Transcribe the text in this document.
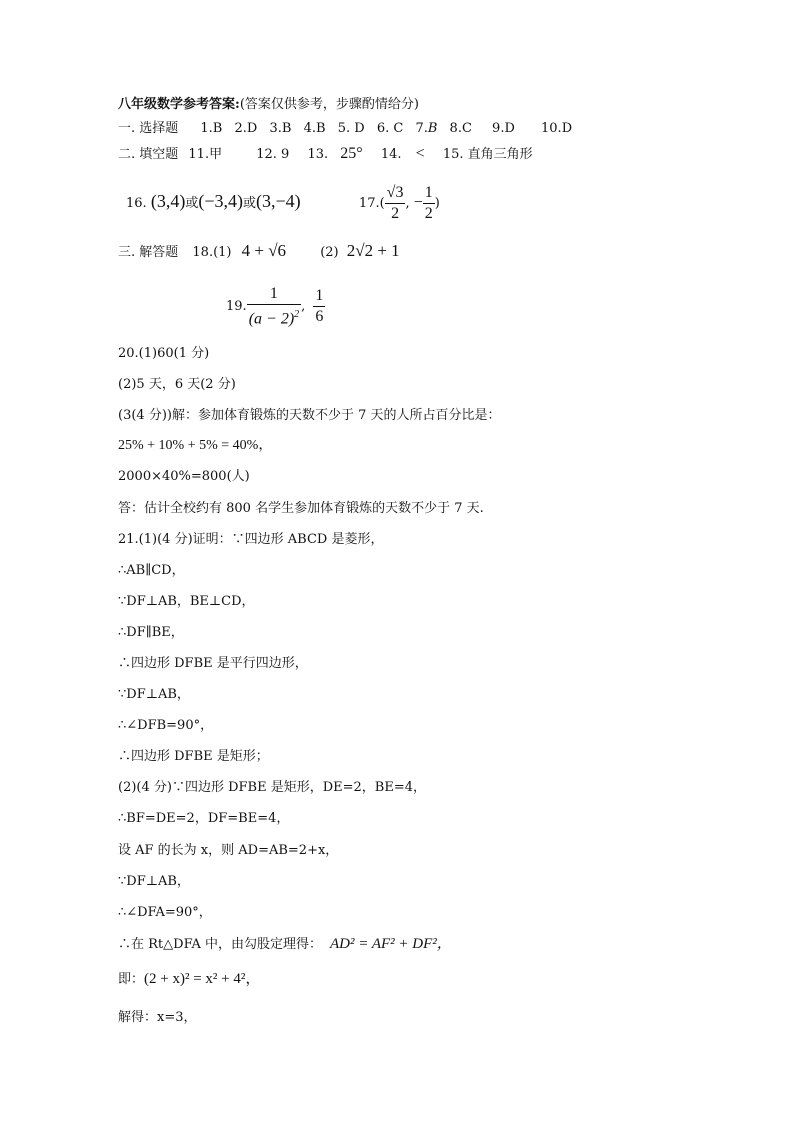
八年级数学参考答案:(答案仅供参考，步骤酌情给分)
一. 选择题 1.B 2.D 3.B 4.B 5. D 6. C 7.B 8.C 9.D 10.D
二. 填空题 11.甲	12. 9 13. 25° 14. < 15. 直角三角形
16. (3,4)或(−3,4)或(3,−4)	$17.( \frac{√3}{2}$ , − $\frac{1}{2}$ )
三. 解答题 18.(1) 4 + √6	(2) 2√2 + 1
19. $\frac{1}{(a - 2)^2}$ , $\frac{1}{6}$
20.(1)60(1 分)
(2)5 天，6 天(2 分)
(3(4 分))解：参加体育锻炼的天数不少于 7 天的人所占百分比是：
25% + 10% + 5% = 40%，
2000×40%=800(人)
答：估计全校约有 800 名学生参加体育锻炼的天数不少于 7 天.
21.(1)(4 分)证明：∵四边形 ABCD 是菱形，
∴AB∥CD，
∵DF⊥AB，BE⊥CD，
∴DF∥BE，
∴四边形 DFBE 是平行四边形，
∵DF⊥AB，
∴∠DFB=90°，
∴四边形 DFBE 是矩形；
(2)(4 分)∵四边形 DFBE 是矩形，DE=2，BE=4，
∴BF=DE=2，DF=BE=4，
设 AF 的长为 x，则 AD=AB=2+x，
∵DF⊥AB，
∴∠DFA=90°，
∴在 Rt△DFA 中，由勾股定理得： AD² = AF² + DF²，
即：(2 + x)² = x² + 4²，
解得：x=3，
